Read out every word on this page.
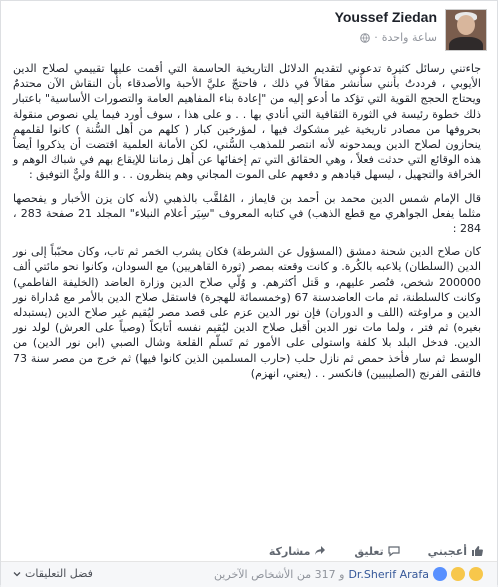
Youssef Ziedan
ساعة واحدة
·

جاءتني رسائل كثيرة تدعوني لتقديم الدلائل التاريخية الحاسمة التي أقمت عليها تقييمي لصلاح الدين الأيوبي ، فرددتُ بأنني سأنشر مقالاً في ذلك ، فاحتجّ عليَّ الأحبة والأصدقاء بأن النقاش الآن محتدمٌ ويحتاج الحجج القوية التي تؤكد ما أدعو إليه من "إعادة بناء المفاهيم العامة والتصورات الأساسية" باعتبار ذلك خطوة رئيسة في الثورة الثقافية التي أنادي بها . . و على هذا ، سوف أورد فيما يلي نصوص منقولة بحروفها من مصادر تاريخية غير مشكوك فيها ، لمؤرخين كبار ( كلهم من أهل السُّنة ) كانوا لقلمهم ينحازون لصلاح الدين ويمدحونه لأنه انتصر للمذهب السُّني، لكن الأمانة العلمية اقتضت أن يذكروا أيضاً هذه الوقائع التي حدثت فعلاً ، وهي الحقائق التي تم إخفائها عن أهل زماننا للإيقاع بهم في شباك الوهم و الخرافة والتجهيل ، ليسهل قيادهم و دفعهم على الموت المجاني وهم ينظرون . . و اللهُ وليٌّ التوفيق :

قال الإمام شمس الدين محمد بن أحمد بن قايماز ، المُلقَّب بالذهبي (لأنه كان يزن الأخبار و يفحصها مثلما يفعل الجواهري مع قطع الذهب) في كتابه المعروف "سِيَر أعلام النبلاء" المجلد 21 صفحة 283 ، 284 :

كان صلاح الدين شحنة دمشق (المسؤول عن الشرطة) فكان يشرب الخمر ثم تاب، وكان محبّباً إلى نور الدين (السلطان) يلاعبه بالكُرة. و كانت وقعته بمصر (ثورة القاهريين) مع السودان، وكانوا نحو مائتي ألف 200000 شخص، فنُصر عليهم، و قَتل أكثرهم. و وُلّي صلاح الدين وزارة العاضد (الخليفة الفاطمي) وكانت كالسلطنة، ثم مات العاضدسنة 67 (وخمسمائة للهجرة) فاستقل صلاح الدين بالأمر مع مُداراة نور الدين و مراوغته (اللف و الدوران) فإن نور الدين عزم على قصد مصر ليُقيم غير صلاح الدين (يستبدله بغيره) ثم فتر ، ولما مات نور الدين أقبل صلاح الدين ليُقيم نفسه أتابكاً (وصياً على العرش) لولد نور الدين. فدخل البلد بلا كلفة واستولى على الأمور ثم تَسلّم القلعة وشال الصبي (ابن نور الدين) من الوسط ثم سار فأخذ حمص ثم نازل حلب (حارب المسلمين الذين كانوا فيها) ثم خرج من مصر سنة 73 فالتقى الفرنج (الصليبيين) فانكسر . . (يعني، انهزم)

أعجبني
تعليق
مشاركة
Dr.Sherif Arafa
و 317 من الأشخاص الآخرين
فضل التعليقات
